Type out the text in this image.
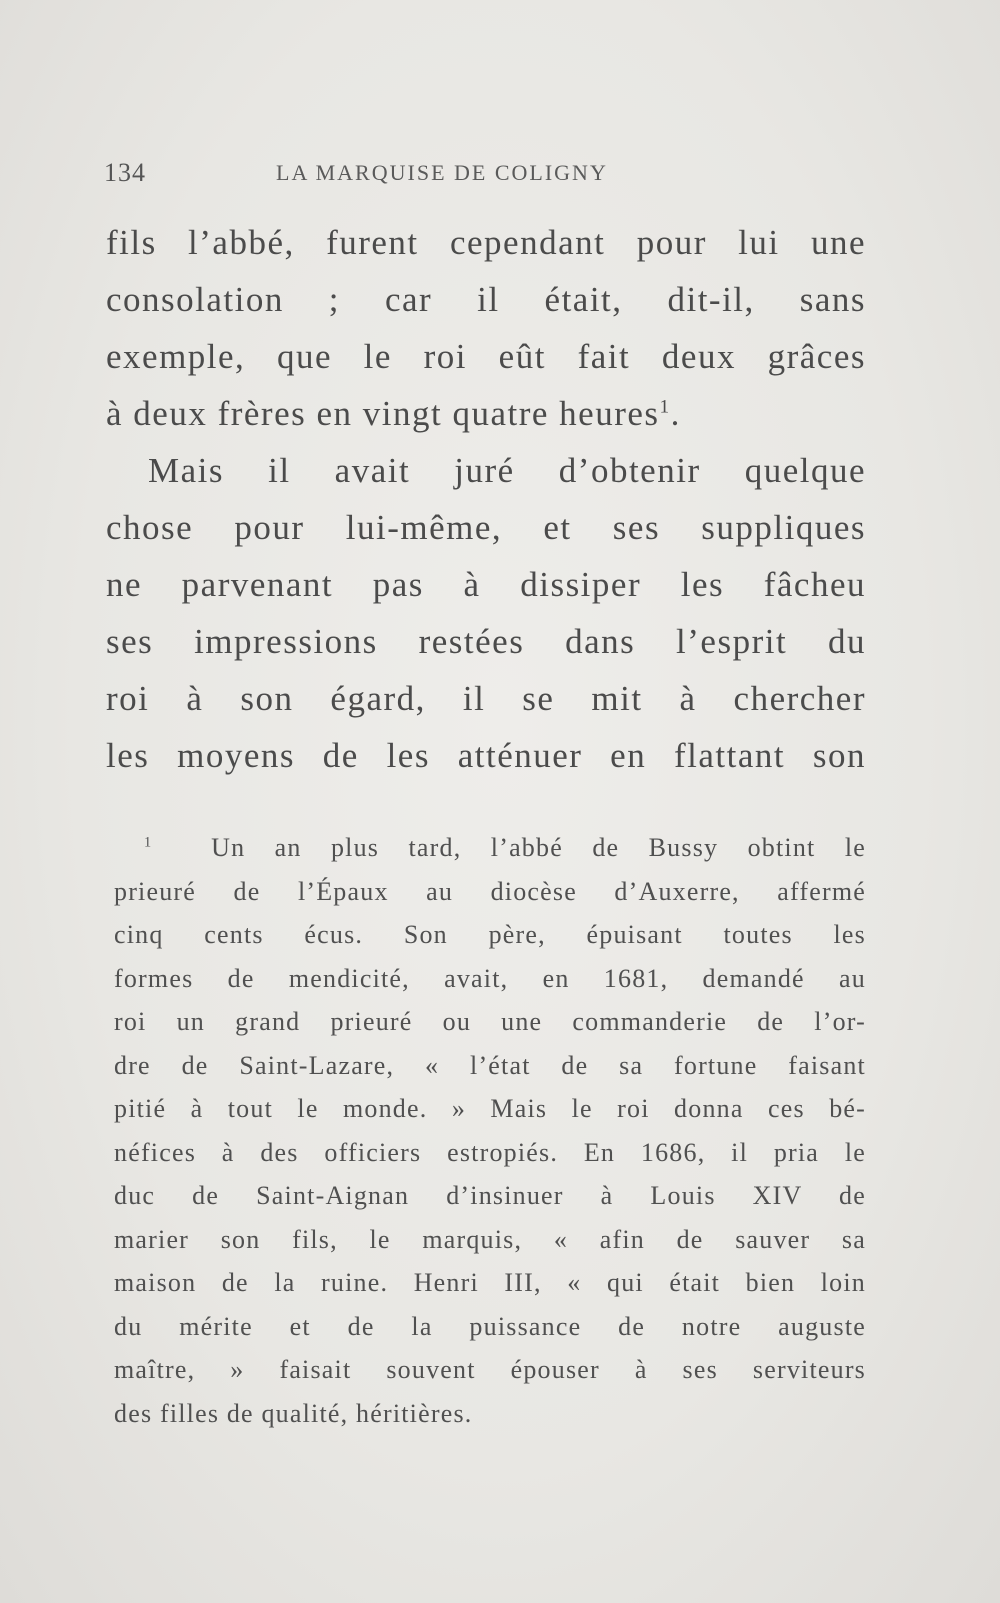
134	LA MARQUISE DE COLIGNY
fils l’abbé, furent cependant pour lui une
consolation ; car il était, dit-il, sans
exemple, que le roi eût fait deux grâces
à deux frères en vingt quatre heures$^1$.
Mais il avait juré d’obtenir quelque
chose pour lui-même, et ses suppliques
ne parvenant pas à dissiper les fâcheu
ses impressions restées dans l’esprit du
roi à son égard, il se mit à chercher
les moyens de les atténuer en flattant son
$^1$ Un an plus tard, l’abbé de Bussy obtint le
prieuré de l’Épaux au diocèse d’Auxerre, affermé
cinq cents écus. Son père, épuisant toutes les
formes de mendicité, avait, en 1681, demandé au
roi un grand prieuré ou une commanderie de l’or-
dre de Saint-Lazare, « l’état de sa fortune faisant
pitié à tout le monde. » Mais le roi donna ces bé-
néfices à des officiers estropiés. En 1686, il pria le
duc de Saint-Aignan d’insinuer à Louis XIV de
marier son fils, le marquis, « afin de sauver sa
maison de la ruine. Henri III, « qui était bien loin
du mérite et de la puissance de notre auguste
maître, » faisait souvent épouser à ses serviteurs
des filles de qualité, héritières.
